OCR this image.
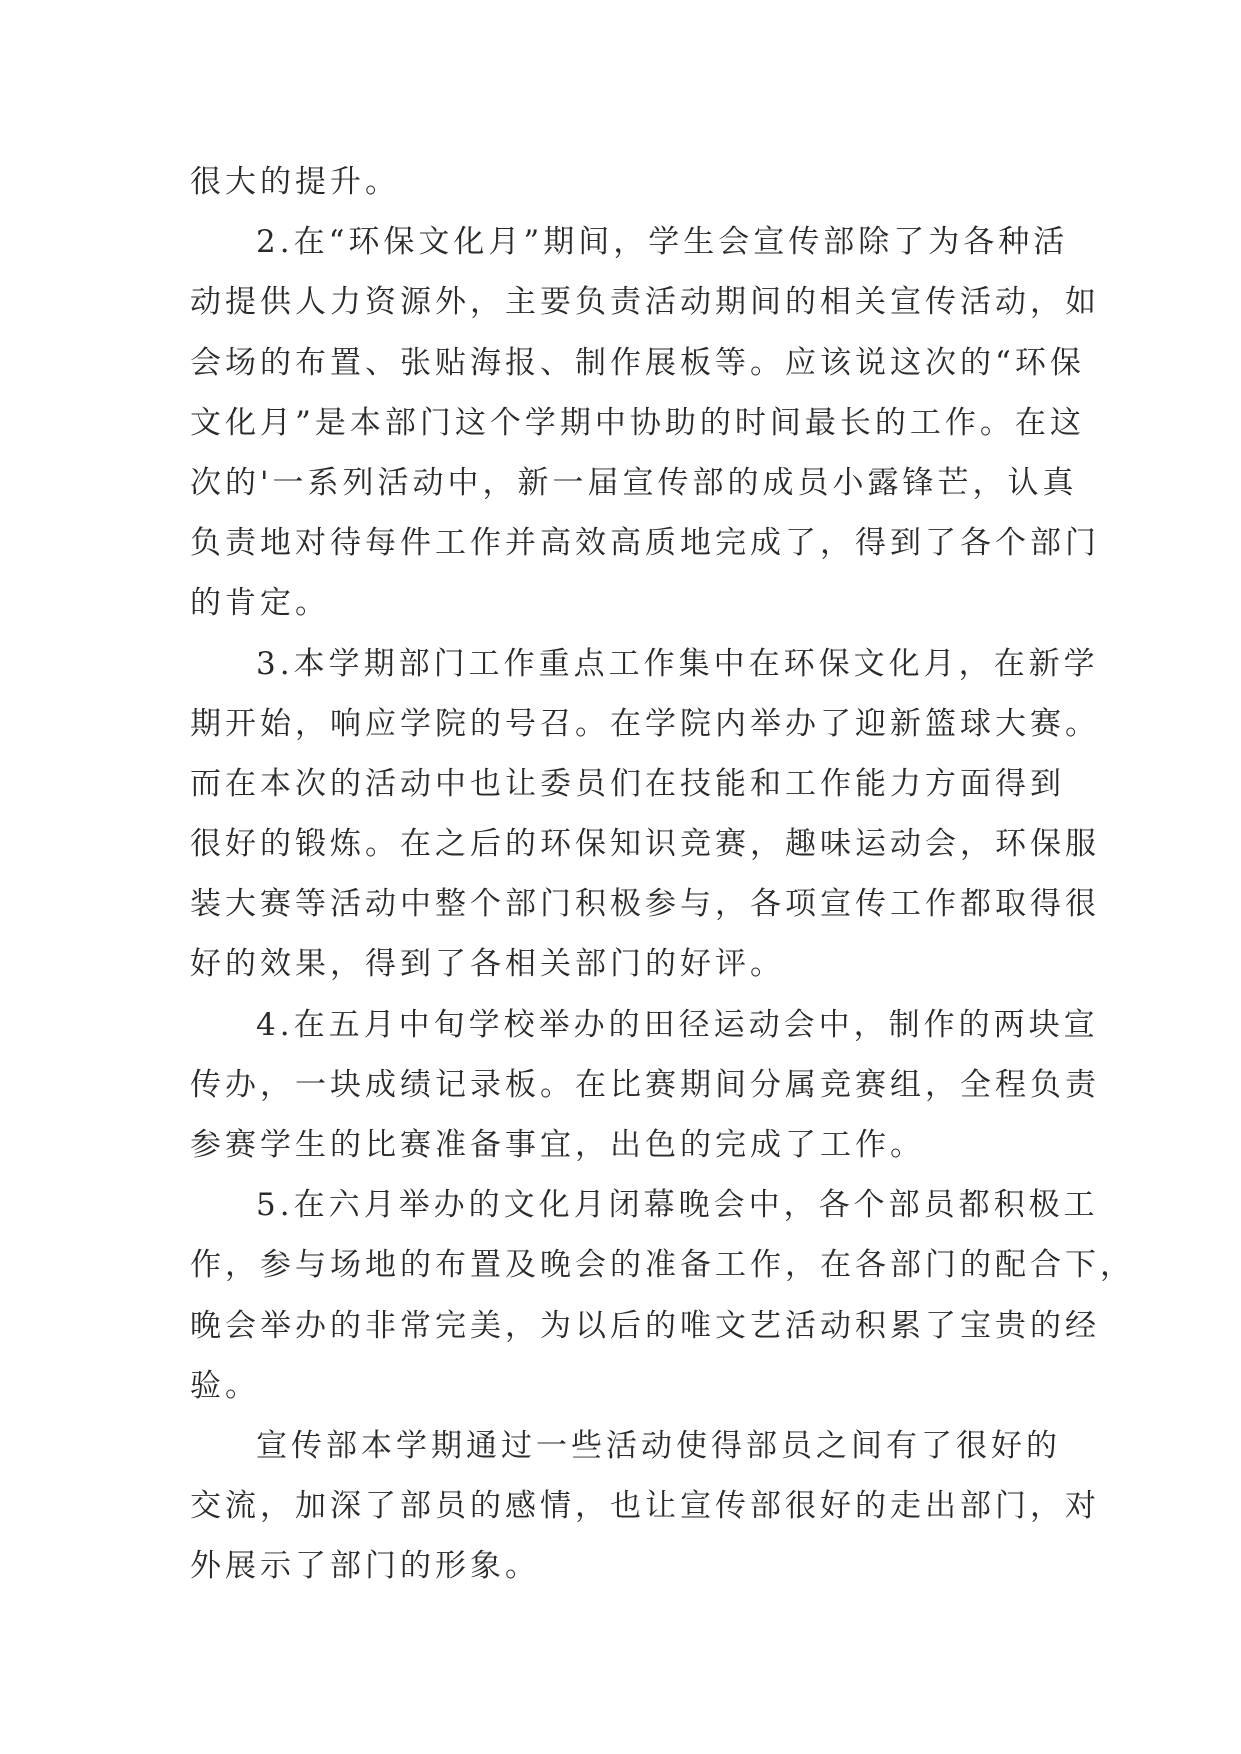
很大的提升。
2.在“环保文化月”期间，学生会宣传部除了为各种活
动提供人力资源外，主要负责活动期间的相关宣传活动，如
会场的布置、张贴海报、制作展板等。应该说这次的“环保
文化月”是本部门这个学期中协助的时间最长的工作。在这
次的'一系列活动中，新一届宣传部的成员小露锋芒，认真
负责地对待每件工作并高效高质地完成了，得到了各个部门
的肯定。
3.本学期部门工作重点工作集中在环保文化月，在新学
期开始，响应学院的号召。在学院内举办了迎新篮球大赛。
而在本次的活动中也让委员们在技能和工作能力方面得到
很好的锻炼。在之后的环保知识竞赛，趣味运动会，环保服
装大赛等活动中整个部门积极参与，各项宣传工作都取得很
好的效果，得到了各相关部门的好评。
4.在五月中旬学校举办的田径运动会中，制作的两块宣
传办，一块成绩记录板。在比赛期间分属竞赛组，全程负责
参赛学生的比赛准备事宜，出色的完成了工作。
5.在六月举办的文化月闭幕晚会中，各个部员都积极工
作，参与场地的布置及晚会的准备工作，在各部门的配合下，
晚会举办的非常完美，为以后的唯文艺活动积累了宝贵的经
验。
宣传部本学期通过一些活动使得部员之间有了很好的
交流，加深了部员的感情，也让宣传部很好的走出部门，对
外展示了部门的形象。
